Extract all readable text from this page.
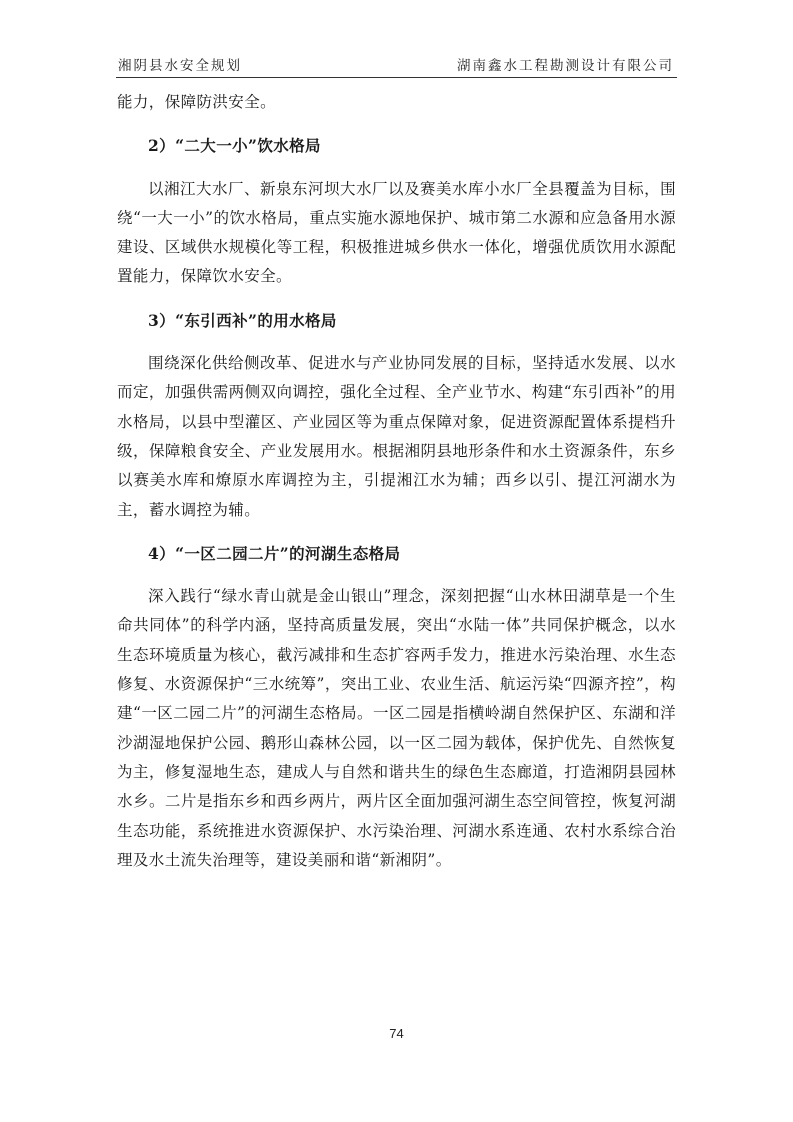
湘阴县水安全规划	湖南鑫水工程勘测设计有限公司

能力，保障防洪安全。

2）“二大一小”饮水格局

以湘江大水厂、新泉东河坝大水厂以及赛美水库小水厂全县覆盖为目标，围绕“一大一小”的饮水格局，重点实施水源地保护、城市第二水源和应急备用水源建设、区域供水规模化等工程，积极推进城乡供水一体化，增强优质饮用水源配置能力，保障饮水安全。

3）“东引西补”的用水格局

围绕深化供给侧改革、促进水与产业协同发展的目标，坚持适水发展、以水而定，加强供需两侧双向调控，强化全过程、全产业节水、构建“东引西补”的用水格局，以县中型灌区、产业园区等为重点保障对象，促进资源配置体系提档升级，保障粮食安全、产业发展用水。根据湘阴县地形条件和水土资源条件，东乡以赛美水库和燎原水库调控为主，引提湘江水为辅；西乡以引、提江河湖水为主，蓄水调控为辅。

4）“一区二园二片”的河湖生态格局

深入践行“绿水青山就是金山银山”理念，深刻把握“山水林田湖草是一个生命共同体”的科学内涵，坚持高质量发展，突出“水陆一体”共同保护概念，以水生态环境质量为核心，截污减排和生态扩容两手发力，推进水污染治理、水生态修复、水资源保护“三水统筹”，突出工业、农业生活、航运污染“四源齐控”，构建“一区二园二片”的河湖生态格局。一区二园是指横岭湖自然保护区、东湖和洋沙湖湿地保护公园、鹅形山森林公园，以一区二园为载体，保护优先、自然恢复为主，修复湿地生态，建成人与自然和谐共生的绿色生态廊道，打造湘阴县园林水乡。二片是指东乡和西乡两片，两片区全面加强河湖生态空间管控，恢复河湖生态功能，系统推进水资源保护、水污染治理、河湖水系连通、农村水系综合治理及水土流失治理等，建设美丽和谐“新湘阴”。

74
